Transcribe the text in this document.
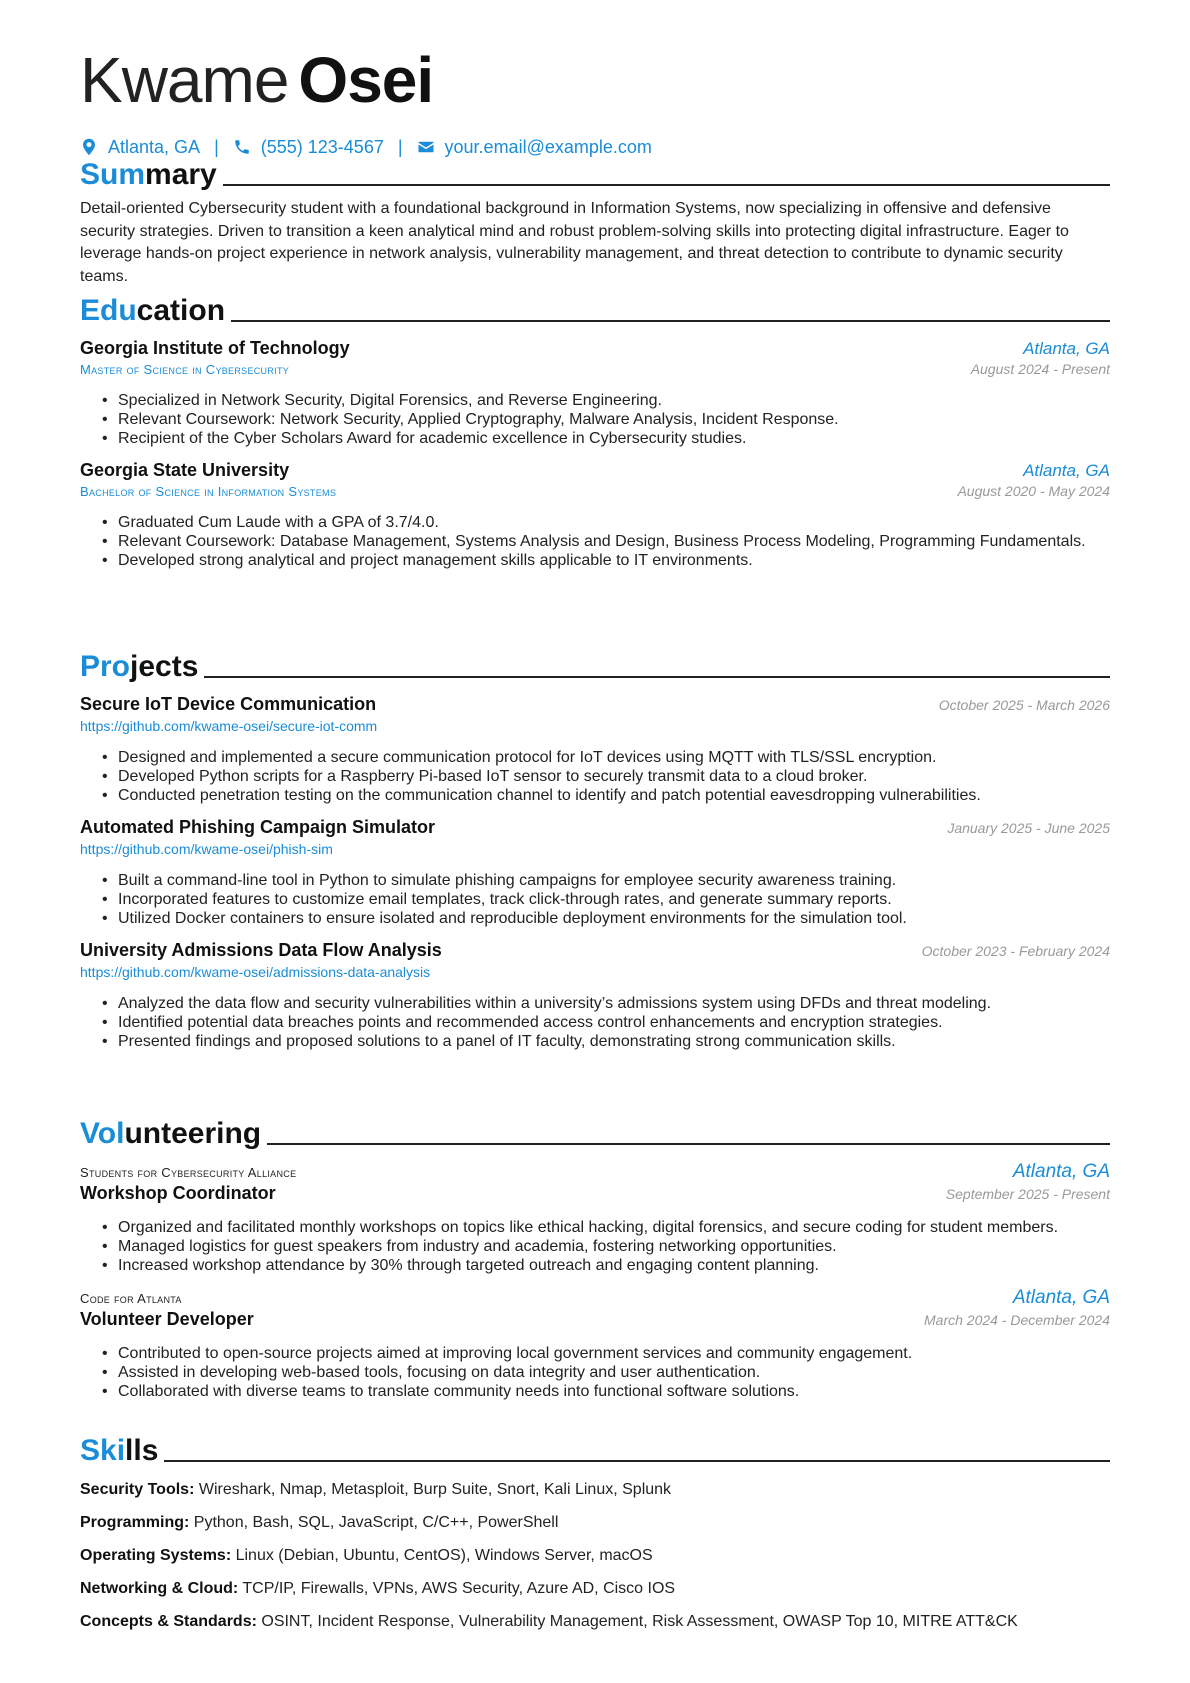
Kwame Osei
Atlanta, GA | (555) 123-4567 | your.email@example.com
Summary

Detail-oriented Cybersecurity student with a foundational background in Information Systems, now specializing in offensive and defensive security strategies. Driven to transition a keen analytical mind and robust problem-solving skills into protecting digital infrastructure. Eager to leverage hands-on project experience in network analysis, vulnerability management, and threat detection to contribute to dynamic security teams.

Education
Georgia Institute of Technology	Atlanta, GA
Master of Science in Cybersecurity	August 2024 - Present
• Specialized in Network Security, Digital Forensics, and Reverse Engineering.
• Relevant Coursework: Network Security, Applied Cryptography, Malware Analysis, Incident Response.
• Recipient of the Cyber Scholars Award for academic excellence in Cybersecurity studies.
Georgia State University	Atlanta, GA
Bachelor of Science in Information Systems	August 2020 - May 2024
• Graduated Cum Laude with a GPA of 3.7/4.0.
• Relevant Coursework: Database Management, Systems Analysis and Design, Business Process Modeling, Programming Fundamentals.
• Developed strong analytical and project management skills applicable to IT environments.
Projects
Secure IoT Device Communication	October 2025 - March 2026
https://github.com/kwame-osei/secure-iot-comm
• Designed and implemented a secure communication protocol for IoT devices using MQTT with TLS/SSL encryption.
• Developed Python scripts for a Raspberry Pi-based IoT sensor to securely transmit data to a cloud broker.
• Conducted penetration testing on the communication channel to identify and patch potential eavesdropping vulnerabilities.
Automated Phishing Campaign Simulator	January 2025 - June 2025
https://github.com/kwame-osei/phish-sim
• Built a command-line tool in Python to simulate phishing campaigns for employee security awareness training.
• Incorporated features to customize email templates, track click-through rates, and generate summary reports.
• Utilized Docker containers to ensure isolated and reproducible deployment environments for the simulation tool.
University Admissions Data Flow Analysis	October 2023 - February 2024
https://github.com/kwame-osei/admissions-data-analysis
• Analyzed the data flow and security vulnerabilities within a university’s admissions system using DFDs and threat modeling.
• Identified potential data breaches points and recommended access control enhancements and encryption strategies.
• Presented findings and proposed solutions to a panel of IT faculty, demonstrating strong communication skills.
Volunteering
Students for Cybersecurity Alliance	Atlanta, GA
Workshop Coordinator	September 2025 - Present
• Organized and facilitated monthly workshops on topics like ethical hacking, digital forensics, and secure coding for student members.
• Managed logistics for guest speakers from industry and academia, fostering networking opportunities.
• Increased workshop attendance by 30% through targeted outreach and engaging content planning.
Code for Atlanta	Atlanta, GA
Volunteer Developer	March 2024 - December 2024
• Contributed to open-source projects aimed at improving local government services and community engagement.
• Assisted in developing web-based tools, focusing on data integrity and user authentication.
• Collaborated with diverse teams to translate community needs into functional software solutions.
Skills

Security Tools: Wireshark, Nmap, Metasploit, Burp Suite, Snort, Kali Linux, Splunk

Programming: Python, Bash, SQL, JavaScript, C/C++, PowerShell

Operating Systems: Linux (Debian, Ubuntu, CentOS), Windows Server, macOS

Networking & Cloud: TCP/IP, Firewalls, VPNs, AWS Security, Azure AD, Cisco IOS

Concepts & Standards: OSINT, Incident Response, Vulnerability Management, Risk Assessment, OWASP Top 10, MITRE ATT&CK
